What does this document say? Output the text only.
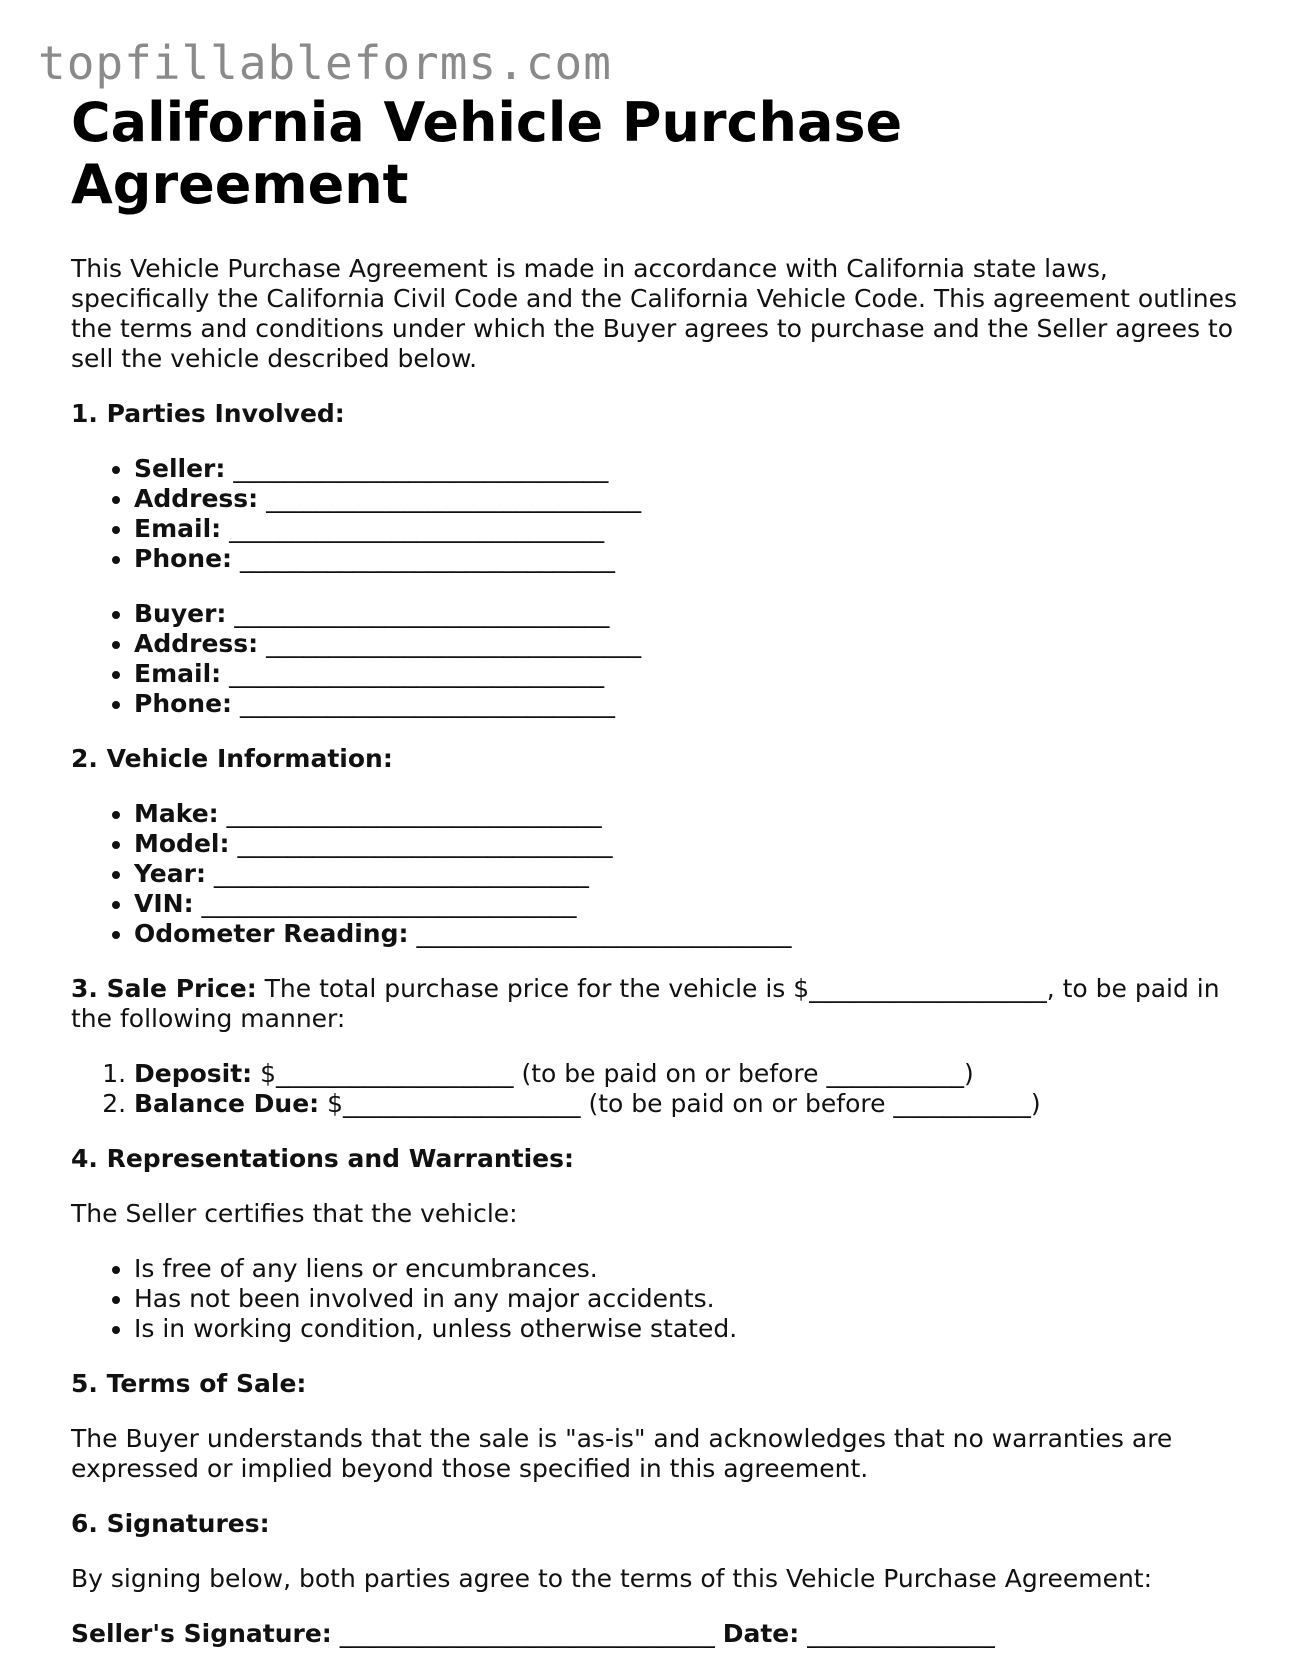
topfillableforms.com
California Vehicle Purchase Agreement

This Vehicle Purchase Agreement is made in accordance with California state laws, specifically the California Civil Code and the California Vehicle Code. This agreement outlines the terms and conditions under which the Buyer agrees to purchase and the Seller agrees to sell the vehicle described below.

1. Parties Involved:

• Seller: ______________________________
• Address: ______________________________
• Email: ______________________________
• Phone: ______________________________
• Buyer: ______________________________
• Address: ______________________________
• Email: ______________________________
• Phone: ______________________________

2. Vehicle Information:

• Make: ______________________________
• Model: ______________________________
• Year: ______________________________
• VIN: ______________________________
• Odometer Reading: ______________________________

3. Sale Price: The total purchase price for the vehicle is $___________________, to be paid in the following manner:

1. Deposit: $___________________ (to be paid on or before ___________)
2. Balance Due: $___________________ (to be paid on or before ___________)

4. Representations and Warranties:

The Seller certifies that the vehicle:

• Is free of any liens or encumbrances.
• Has not been involved in any major accidents.
• Is in working condition, unless otherwise stated.

5. Terms of Sale:

The Buyer understands that the sale is "as-is" and acknowledges that no warranties are expressed or implied beyond those specified in this agreement.

6. Signatures:

By signing below, both parties agree to the terms of this Vehicle Purchase Agreement:

Seller's Signature: ______________________________ Date: _______________
